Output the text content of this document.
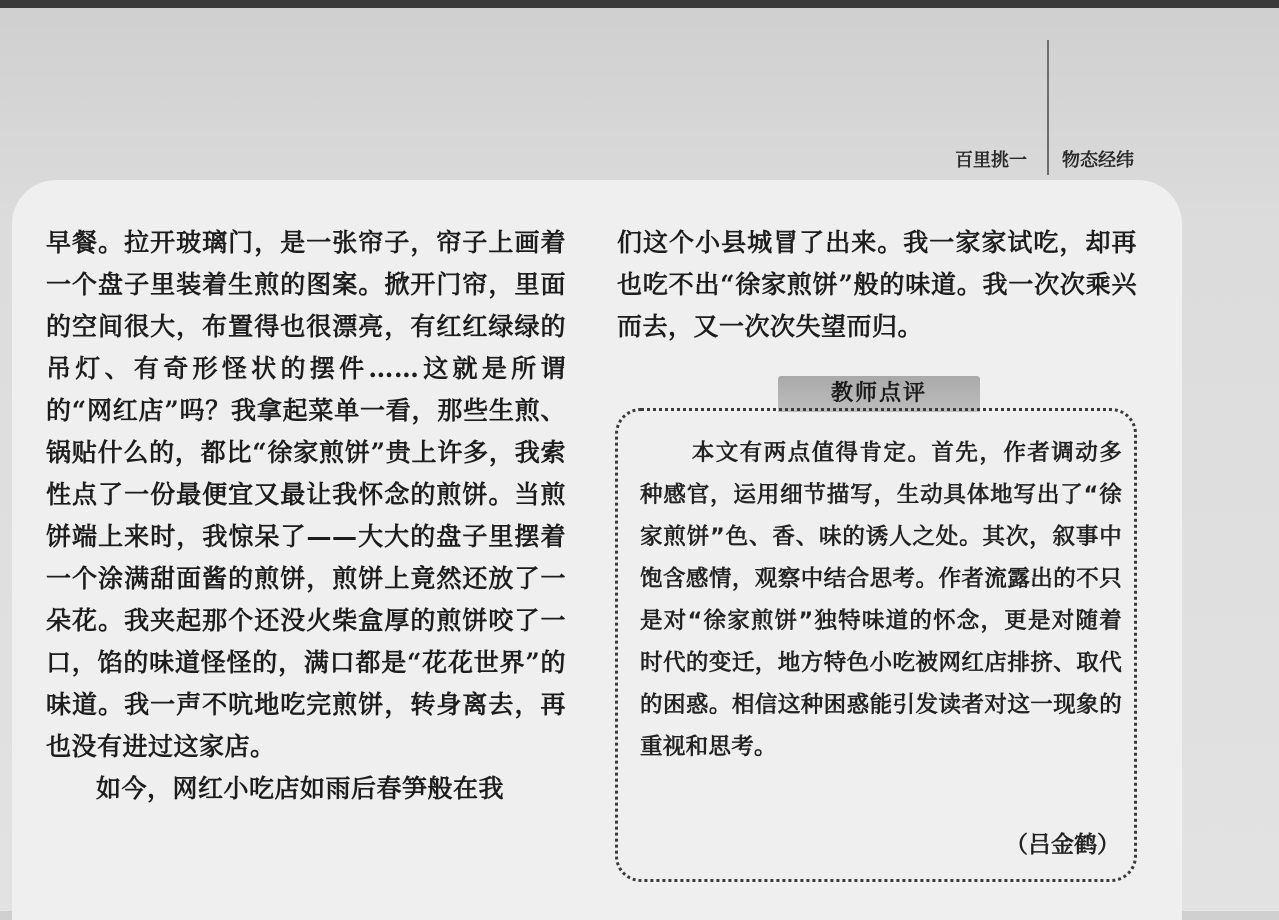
百里挑一 物态经纬

早餐。拉开玻璃门，是一张帘子，帘子上画着一个盘子里装着生煎的图案。掀开门帘，里面的空间很大，布置得也很漂亮，有红红绿绿的吊灯、有奇形怪状的摆件……这就是所谓的“网红店”吗？我拿起菜单一看，那些生煎、锅贴什么的，都比“徐家煎饼”贵上许多，我索性点了一份最便宜又最让我怀念的煎饼。当煎饼端上来时，我惊呆了——大大的盘子里摆着一个涂满甜面酱的煎饼，煎饼上竟然还放了一朵花。我夹起那个还没火柴盒厚的煎饼咬了一口，馅的味道怪怪的，满口都是“花花世界”的味道。我一声不吭地吃完煎饼，转身离去，再也没有进过这家店。

如今，网红小吃店如雨后春笋般在我

们这个小县城冒了出来。我一家家试吃，却再也吃不出“徐家煎饼”般的味道。我一次次乘兴而去，又一次次失望而归。

教师点评

本文有两点值得肯定。首先，作者调动多种感官，运用细节描写，生动具体地写出了“徐家煎饼”色、香、味的诱人之处。其次，叙事中饱含感情，观察中结合思考。作者流露出的不只是对“徐家煎饼”独特味道的怀念，更是对随着时代的变迁，地方特色小吃被网红店排挤、取代的困惑。相信这种困惑能引发读者对这一现象的重视和思考。

（吕金鹤）
